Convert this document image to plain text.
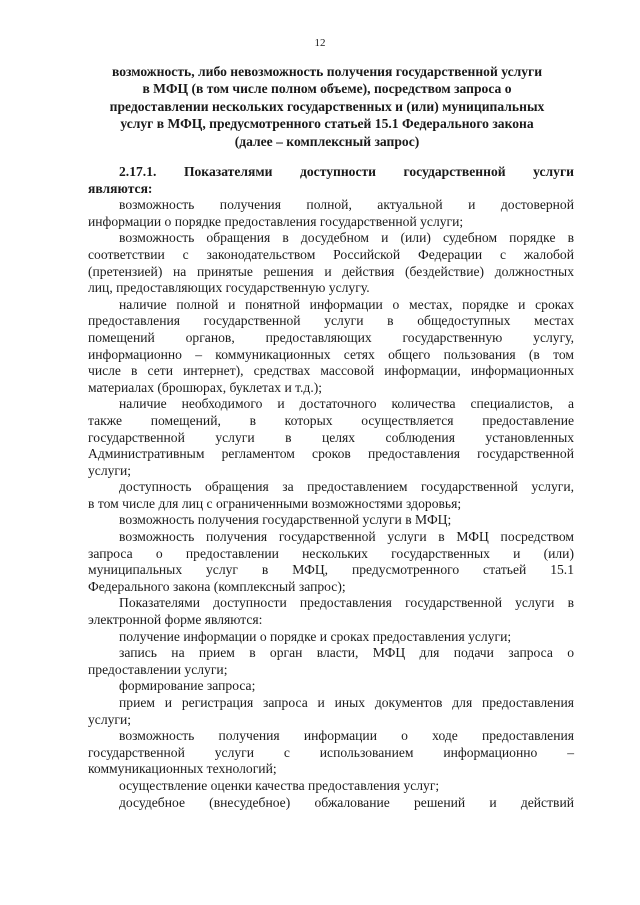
12
возможность, либо невозможность получения государственной услуги
в МФЦ (в том числе полном объеме), посредством запроса о
предоставлении нескольких государственных и (или) муниципальных
услуг в МФЦ, предусмотренного статьей 15.1 Федерального закона
(далее – комплексный запрос)
2.17.1. Показателями доступности государственной услуги
являются:
возможность получения полной, актуальной и достоверной
информации о порядке предоставления государственной услуги;
возможность обращения в досудебном и (или) судебном порядке в
соответствии с законодательством Российской Федерации с жалобой
(претензией) на принятые решения и действия (бездействие) должностных
лиц, предоставляющих государственную услугу.
наличие полной и понятной информации о местах, порядке и сроках
предоставления государственной услуги в общедоступных местах
помещений органов, предоставляющих государственную услугу,
информационно – коммуникационных сетях общего пользования (в том
числе в сети интернет), средствах массовой информации, информационных
материалах (брошюрах, буклетах и т.д.);
наличие необходимого и достаточного количества специалистов, а
также помещений, в которых осуществляется предоставление
государственной услуги в целях соблюдения установленных
Административным регламентом сроков предоставления государственной
услуги;
доступность обращения за предоставлением государственной услуги,
в том числе для лиц с ограниченными возможностями здоровья;
возможность получения государственной услуги в МФЦ;
возможность получения государственной услуги в МФЦ посредством
запроса о предоставлении нескольких государственных и (или)
муниципальных услуг в МФЦ, предусмотренного статьей 15.1
Федерального закона (комплексный запрос);
Показателями доступности предоставления государственной услуги в
электронной форме являются:
получение информации о порядке и сроках предоставления услуги;
запись на прием в орган власти, МФЦ для подачи запроса о
предоставлении услуги;
формирование запроса;
прием и регистрация запроса и иных документов для предоставления
услуги;
возможность получения информации о ходе предоставления
государственной услуги с использованием информационно –
коммуникационных технологий;
осуществление оценки качества предоставления услуг;
досудебное (внесудебное) обжалование решений и действий
